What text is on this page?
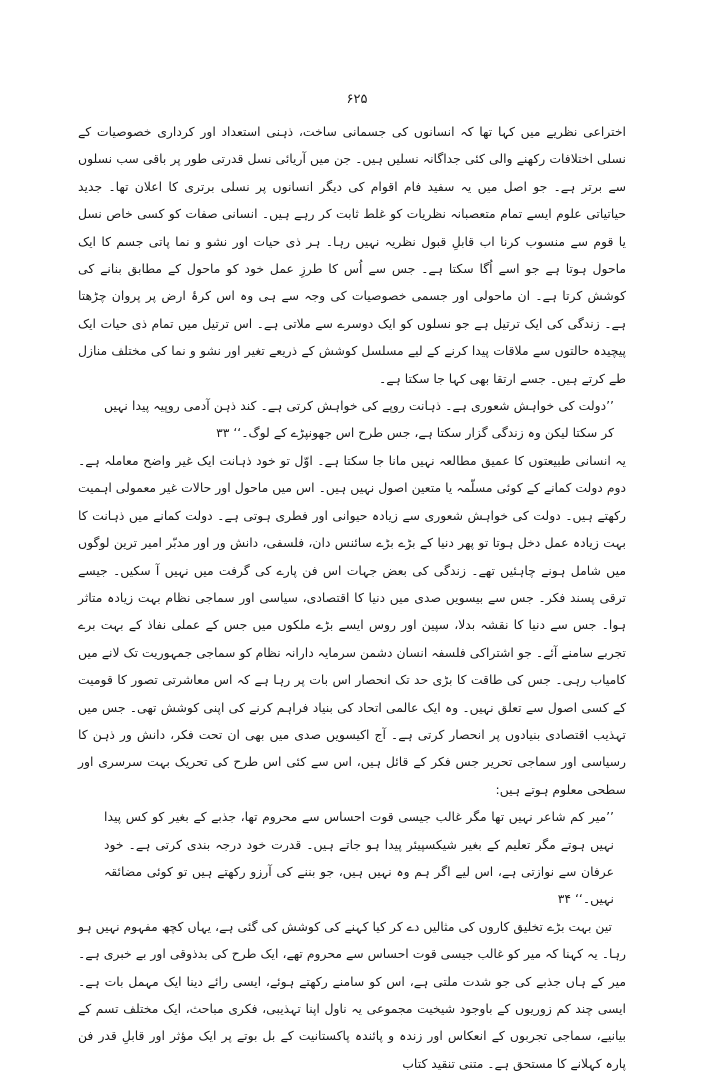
۶۲۵

اختراعی نظریے میں کہا تھا کہ انسانوں کی جسمانی ساخت، ذہنی استعداد اور کرداری خصوصیات کے نسلی اختلافات رکھنے والی کئی جداگانہ نسلیں ہیں۔ جن میں آریائی نسل قدرتی طور پر باقی سب نسلوں سے برتر ہے۔ جو اصل میں یہ سفید فام اقوام کی دیگر انسانوں پر نسلی برتری کا اعلان تھا۔ جدید حیاتیاتی علوم ایسے تمام متعصبانہ نظریات کو غلط ثابت کر رہے ہیں۔ انسانی صفات کو کسی خاص نسل یا قوم سے منسوب کرنا اب قابلِ قبول نظریہ نہیں رہا۔ ہر ذی حیات اور نشو و نما پاتی جسم کا ایک ماحول ہوتا ہے جو اسے اُگا سکتا ہے۔ جس سے اُس کا طرزِ عمل خود کو ماحول کے مطابق بنانے کی کوشش کرتا ہے۔ ان ماحولی اور جسمی خصوصیات کی وجہ سے ہی وہ اس کرۂ ارض پر پروان چڑھتا ہے۔ زندگی کی ایک ترتیل ہے جو نسلوں کو ایک دوسرے سے ملاتی ہے۔ اس ترتیل میں تمام ذی حیات ایک پیچیدہ حالتوں سے ملاقات پیدا کرنے کے لیے مسلسل کوشش کے ذریعے تغیر اور نشو و نما کی مختلف منازل طے کرتے ہیں۔ جسے ارتقا بھی کہا جا سکتا ہے۔

’’دولت کی خواہش شعوری ہے۔ ذہانت روپے کی خواہش کرتی ہے۔ کند ذہن آدمی روپیہ پیدا نہیں کر سکتا لیکن وہ زندگی گزار سکتا ہے، جس طرح اس جھونپڑے کے لوگ۔‘‘ ۳۳

یہ انسانی طبیعتوں کا عمیق مطالعہ نہیں مانا جا سکتا ہے۔ اوّل تو خود ذہانت ایک غیر واضح معاملہ ہے۔ دوم دولت کمانے کے کوئی مسلّمہ یا متعین اصول نہیں ہیں۔ اس میں ماحول اور حالات غیر معمولی اہمیت رکھتے ہیں۔ دولت کی خواہش شعوری سے زیادہ حیوانی اور فطری ہوتی ہے۔ دولت کمانے میں ذہانت کا بہت زیادہ عمل دخل ہوتا تو پھر دنیا کے بڑے بڑے سائنس دان، فلسفی، دانش ور اور مدبّر امیر ترین لوگوں میں شامل ہونے چاہئیں تھے۔ زندگی کی بعض جہات اس فن پارے کی گرفت میں نہیں آ سکیں۔ جیسے ترقی پسند فکر۔ جس سے بیسویں صدی میں دنیا کا اقتصادی، سیاسی اور سماجی نظام بہت زیادہ متاثر ہوا۔ جس سے دنیا کا نقشہ بدلا، سپین اور روس ایسے بڑے ملکوں میں جس کے عملی نفاذ کے بہت برے تجربے سامنے آئے۔ جو اشتراکی فلسفہ انسان دشمن سرمایہ دارانہ نظام کو سماجی جمہوریت تک لانے میں کامیاب رہی۔ جس کی طاقت کا بڑی حد تک انحصار اس بات پر رہا ہے کہ اس معاشرتی تصور کا قومیت کے کسی اصول سے تعلق نہیں۔ وہ ایک عالمی اتحاد کی بنیاد فراہم کرنے کی اپنی کوشش تھی۔ جس میں تہذیب اقتصادی بنیادوں پر انحصار کرتی ہے۔ آج اکیسویں صدی میں بھی ان تحت فکر، دانش ور ذہن کا رسیاسی اور سماجی تحریر جس فکر کے قائل ہیں، اس سے کئی اس طرح کی تحریک بہت سرسری اور سطحی معلوم ہوتے ہیں:

’’میر کم شاعر نہیں تھا مگر غالب جیسی قوت احساس سے محروم تھا، جذبے کے بغیر کو کس پیدا نہیں ہوتے مگر تعلیم کے بغیر شیکسپیئر پیدا ہو جاتے ہیں۔ قدرت خود درجہ بندی کرتی ہے۔ خود عرفان سے نوازتی ہے، اس لیے اگر ہم وہ نہیں ہیں، جو بننے کی آرزو رکھتے ہیں تو کوئی مضائقہ نہیں۔‘‘ ۳۴

تین بہت بڑے تخلیق کاروں کی مثالیں دے کر کیا کہنے کی کوشش کی گئی ہے، یہاں کچھ مفہوم نہیں ہو رہا۔ یہ کہنا کہ میر کو غالب جیسی قوت احساس سے محروم تھے، ایک طرح کی بدذوقی اور بے خبری ہے۔ میر کے ہاں جذبے کی جو شدت ملتی ہے، اس کو سامنے رکھتے ہوئے، ایسی رائے دینا ایک مہمل بات ہے۔ ایسی چند کم زوریوں کے باوجود شیخیت مجموعی یہ ناول اپنا تہذیبی، فکری مباحث، ایک مختلف تسم کے بیانیے، سماجی تجربوں کے انعکاس اور زندہ و پائندہ پاکستانیت کے بل بوتے پر ایک مؤثر اور قابلِ قدر فن پارہ کہلانے کا مستحق ہے۔ متنی تنقید کتاب
